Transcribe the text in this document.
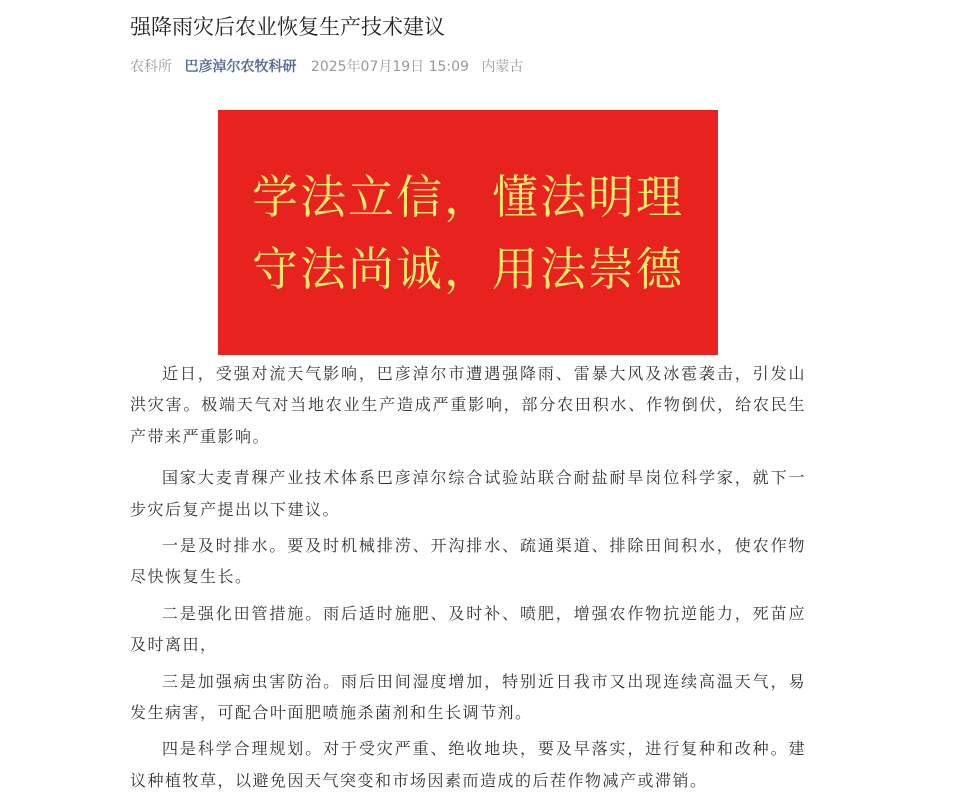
强降雨灾后农业恢复生产技术建议
农科所 巴彦淖尔农牧科研 2025年07月19日 15:09 内蒙古
学法立信，懂法明理
守法尚诚，用法崇德

近日，受强对流天气影响，巴彦淖尔市遭遇强降雨、雷暴大风及冰雹袭击，引发山洪灾害。极端天气对当地农业生产造成严重影响，部分农田积水、作物倒伏，给农民生产带来严重影响。

国家大麦青稞产业技术体系巴彦淖尔综合试验站联合耐盐耐旱岗位科学家，就下一步灾后复产提出以下建议。

一是及时排水。要及时机械排涝、开沟排水、疏通渠道、排除田间积水，使农作物尽快恢复生长。

二是强化田管措施。雨后适时施肥、及时补、喷肥，增强农作物抗逆能力，死苗应及时离田，

三是加强病虫害防治。雨后田间湿度增加，特别近日我市又出现连续高温天气，易发生病害，可配合叶面肥喷施杀菌剂和生长调节剂。

四是科学合理规划。对于受灾严重、绝收地块，要及早落实，进行复种和改种。建议种植牧草，以避免因天气突变和市场因素而造成的后茬作物减产或滞销。
